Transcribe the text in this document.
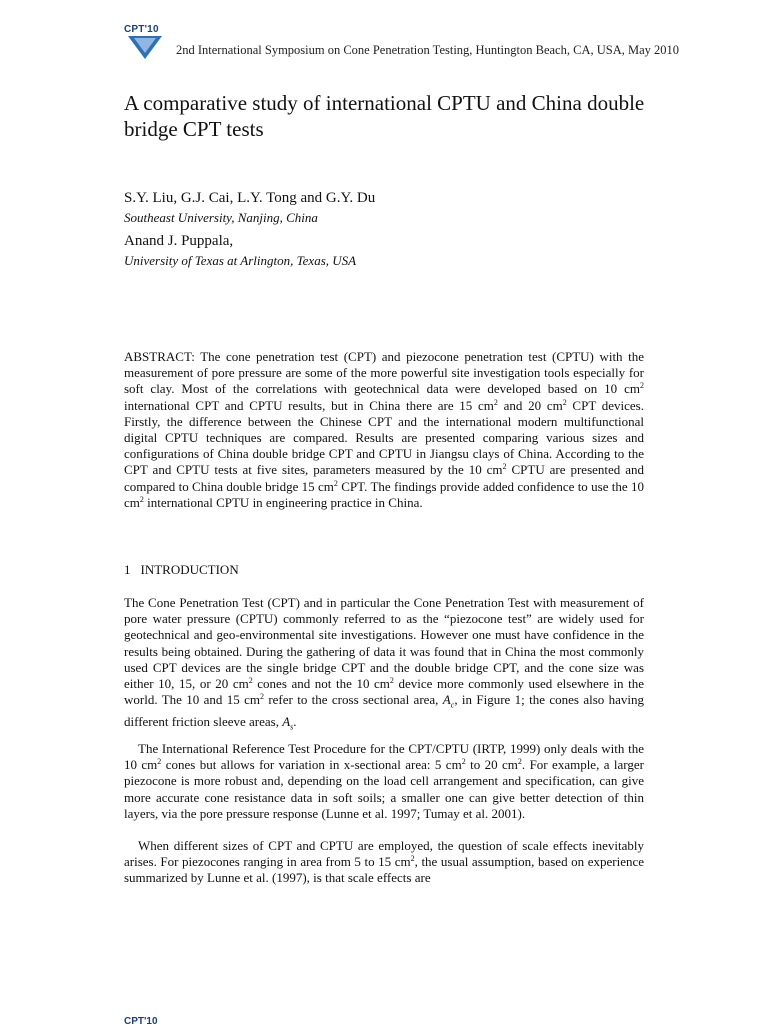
CPT'10
2nd International Symposium on Cone Penetration Testing, Huntington Beach, CA, USA, May 2010
A comparative study of international CPTU and China double bridge CPT tests
S.Y. Liu, G.J. Cai, L.Y. Tong and G.Y. Du
Southeast University, Nanjing, China
Anand J. Puppala,
University of Texas at Arlington, Texas, USA

ABSTRACT: The cone penetration test (CPT) and piezocone penetration test (CPTU) with the measurement of pore pressure are some of the more powerful site investigation tools especially for soft clay. Most of the correlations with geotechnical data were developed based on 10 $cm^2$ international CPT and CPTU results, but in China there are 15 $cm^2$ and 20 $cm^2$ CPT devices. Firstly, the difference between the Chinese CPT and the international modern multifunctional digital CPTU techniques are compared. Results are presented comparing various sizes and configurations of China double bridge CPT and CPTU in Jiangsu clays of China. According to the CPT and CPTU tests at five sites, parameters measured by the 10 $cm^2$ CPTU are presented and compared to China double bridge 15 $cm^2$ CPT. The findings provide added confidence to use the 10 $cm^2$ international CPTU in engineering practice in China.

1 INTRODUCTION

The Cone Penetration Test (CPT) and in particular the Cone Penetration Test with measurement of pore water pressure (CPTU) commonly referred to as the “piezocone test” are widely used for geotechnical and geo-environmental site investigations. However one must have confidence in the results being obtained. During the gathering of data it was found that in China the most commonly used CPT devices are the single bridge CPT and the double bridge CPT, and the cone size was either 10, 15, or 20 $cm^2$ cones and not the 10 $cm^2$ device more commonly used elsewhere in the world. The 10 and 15 $cm^2$ refer to the cross sectional area, $A_c$, in Figure 1; the cones also having different friction sleeve areas, $A_s$.

The International Reference Test Procedure for the CPT/CPTU (IRTP, 1999) only deals with the 10 $cm^2$ cones but allows for variation in x-sectional area: 5 $cm^2$ to 20 $cm^2$. For example, a larger piezocone is more robust and, depending on the load cell arrangement and specification, can give more accurate cone resistance data in soft soils; a smaller one can give better detection of thin layers, via the pore pressure response (Lunne et al. 1997; Tumay et al. 2001).

When different sizes of CPT and CPTU are employed, the question of scale effects inevitably arises. For piezocones ranging in area from 5 to 15 $cm^2$, the usual assumption, based on experience summarized by Lunne et al. (1997), is that scale effects are

CPT'10
